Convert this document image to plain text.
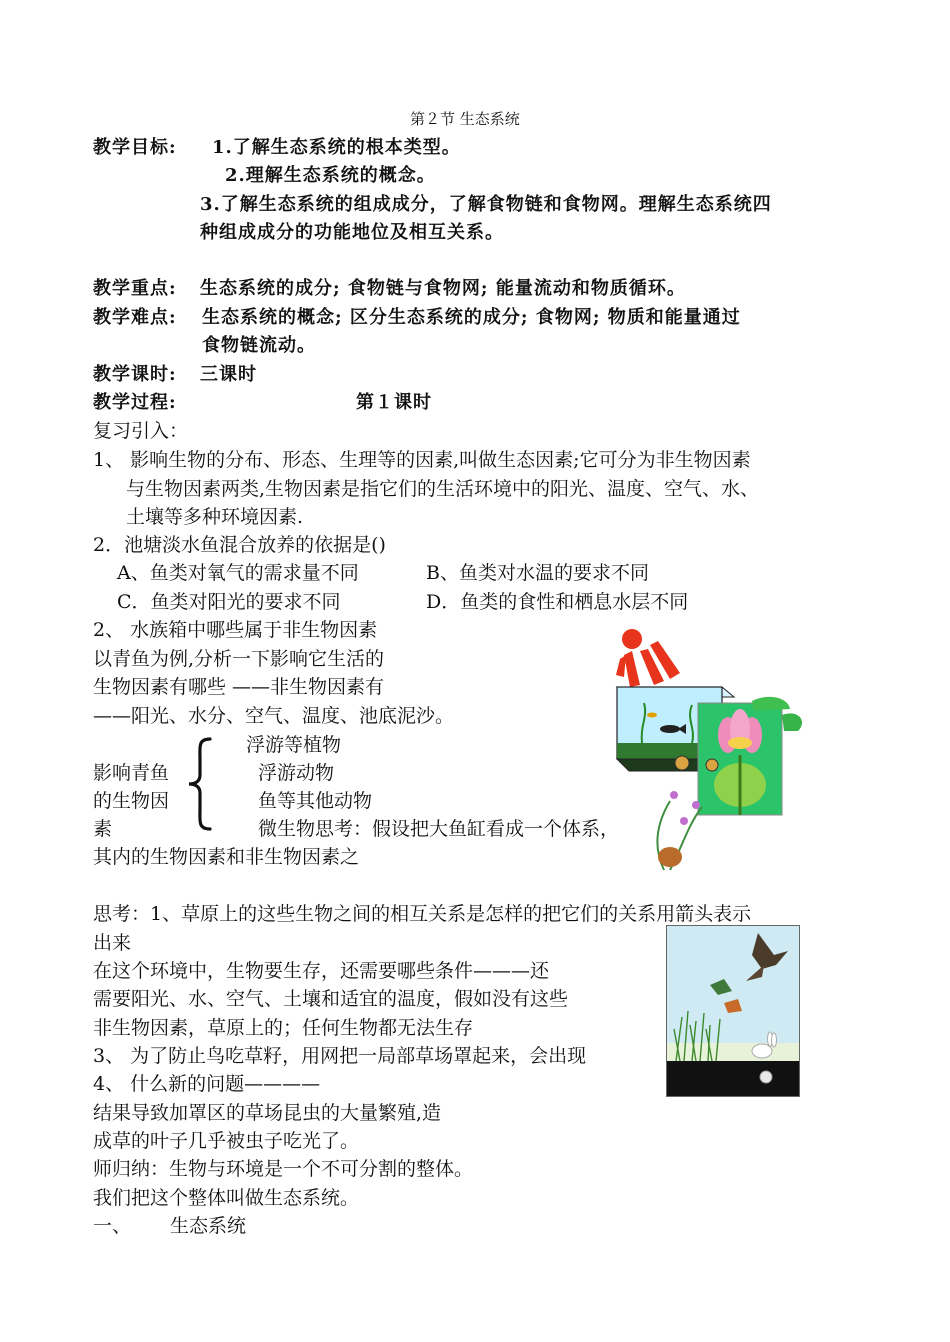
第２节 生态系统
教学目标: 1.了解生态系统的根本类型。
2.理解生态系统的概念。
3.了解生态系统的组成成分，了解食物链和食物网。理解生态系统四
种组成成分的功能地位及相互关系。
教学重点: 生态系统的成分; 食物链与食物网; 能量流动和物质循环。
教学难点: 生态系统的概念; 区分生态系统的成分; 食物网; 物质和能量通过
食物链流动。
教学课时: 三课时
教学过程:	第１课时
复习引入：
1、 影响生物的分布、形态、生理等的因素,叫做生态因素;它可分为非生物因素
与生物因素两类,生物因素是指它们的生活环境中的阳光、温度、空气、水、
土壤等多种环境因素.
2．池塘淡水鱼混合放养的依据是()
A、鱼类对氧气的需求量不同	B、鱼类对水温的要求不同
C．鱼类对阳光的要求不同	D．鱼类的食性和栖息水层不同
2、 水族箱中哪些属于非生物因素
以青鱼为例,分析一下影响它生活的
生物因素有哪些 ——非生物因素有
——阳光、水分、空气、温度、池底泥沙。
影响青鱼
的生物因
素
浮游等植物
浮游动物
鱼等其他动物
微生物思考：假设把大鱼缸看成一个体系，
其内的生物因素和非生物因素之
思考：1、草原上的这些生物之间的相互关系是怎样的把它们的关系用箭头表示
出来
在这个环境中，生物要生存，还需要哪些条件———还
需要阳光、水、空气、土壤和适宜的温度，假如没有这些
非生物因素，草原上的；任何生物都无法生存
3、 为了防止鸟吃草籽，用网把一局部草场罩起来，会出现
4、 什么新的问题————
结果导致加罩区的草场昆虫的大量繁殖,造
成草的叶子几乎被虫子吃光了。
师归纳：生物与环境是一个不可分割的整体。
我们把这个整体叫做生态系统。
一、 生态系统
